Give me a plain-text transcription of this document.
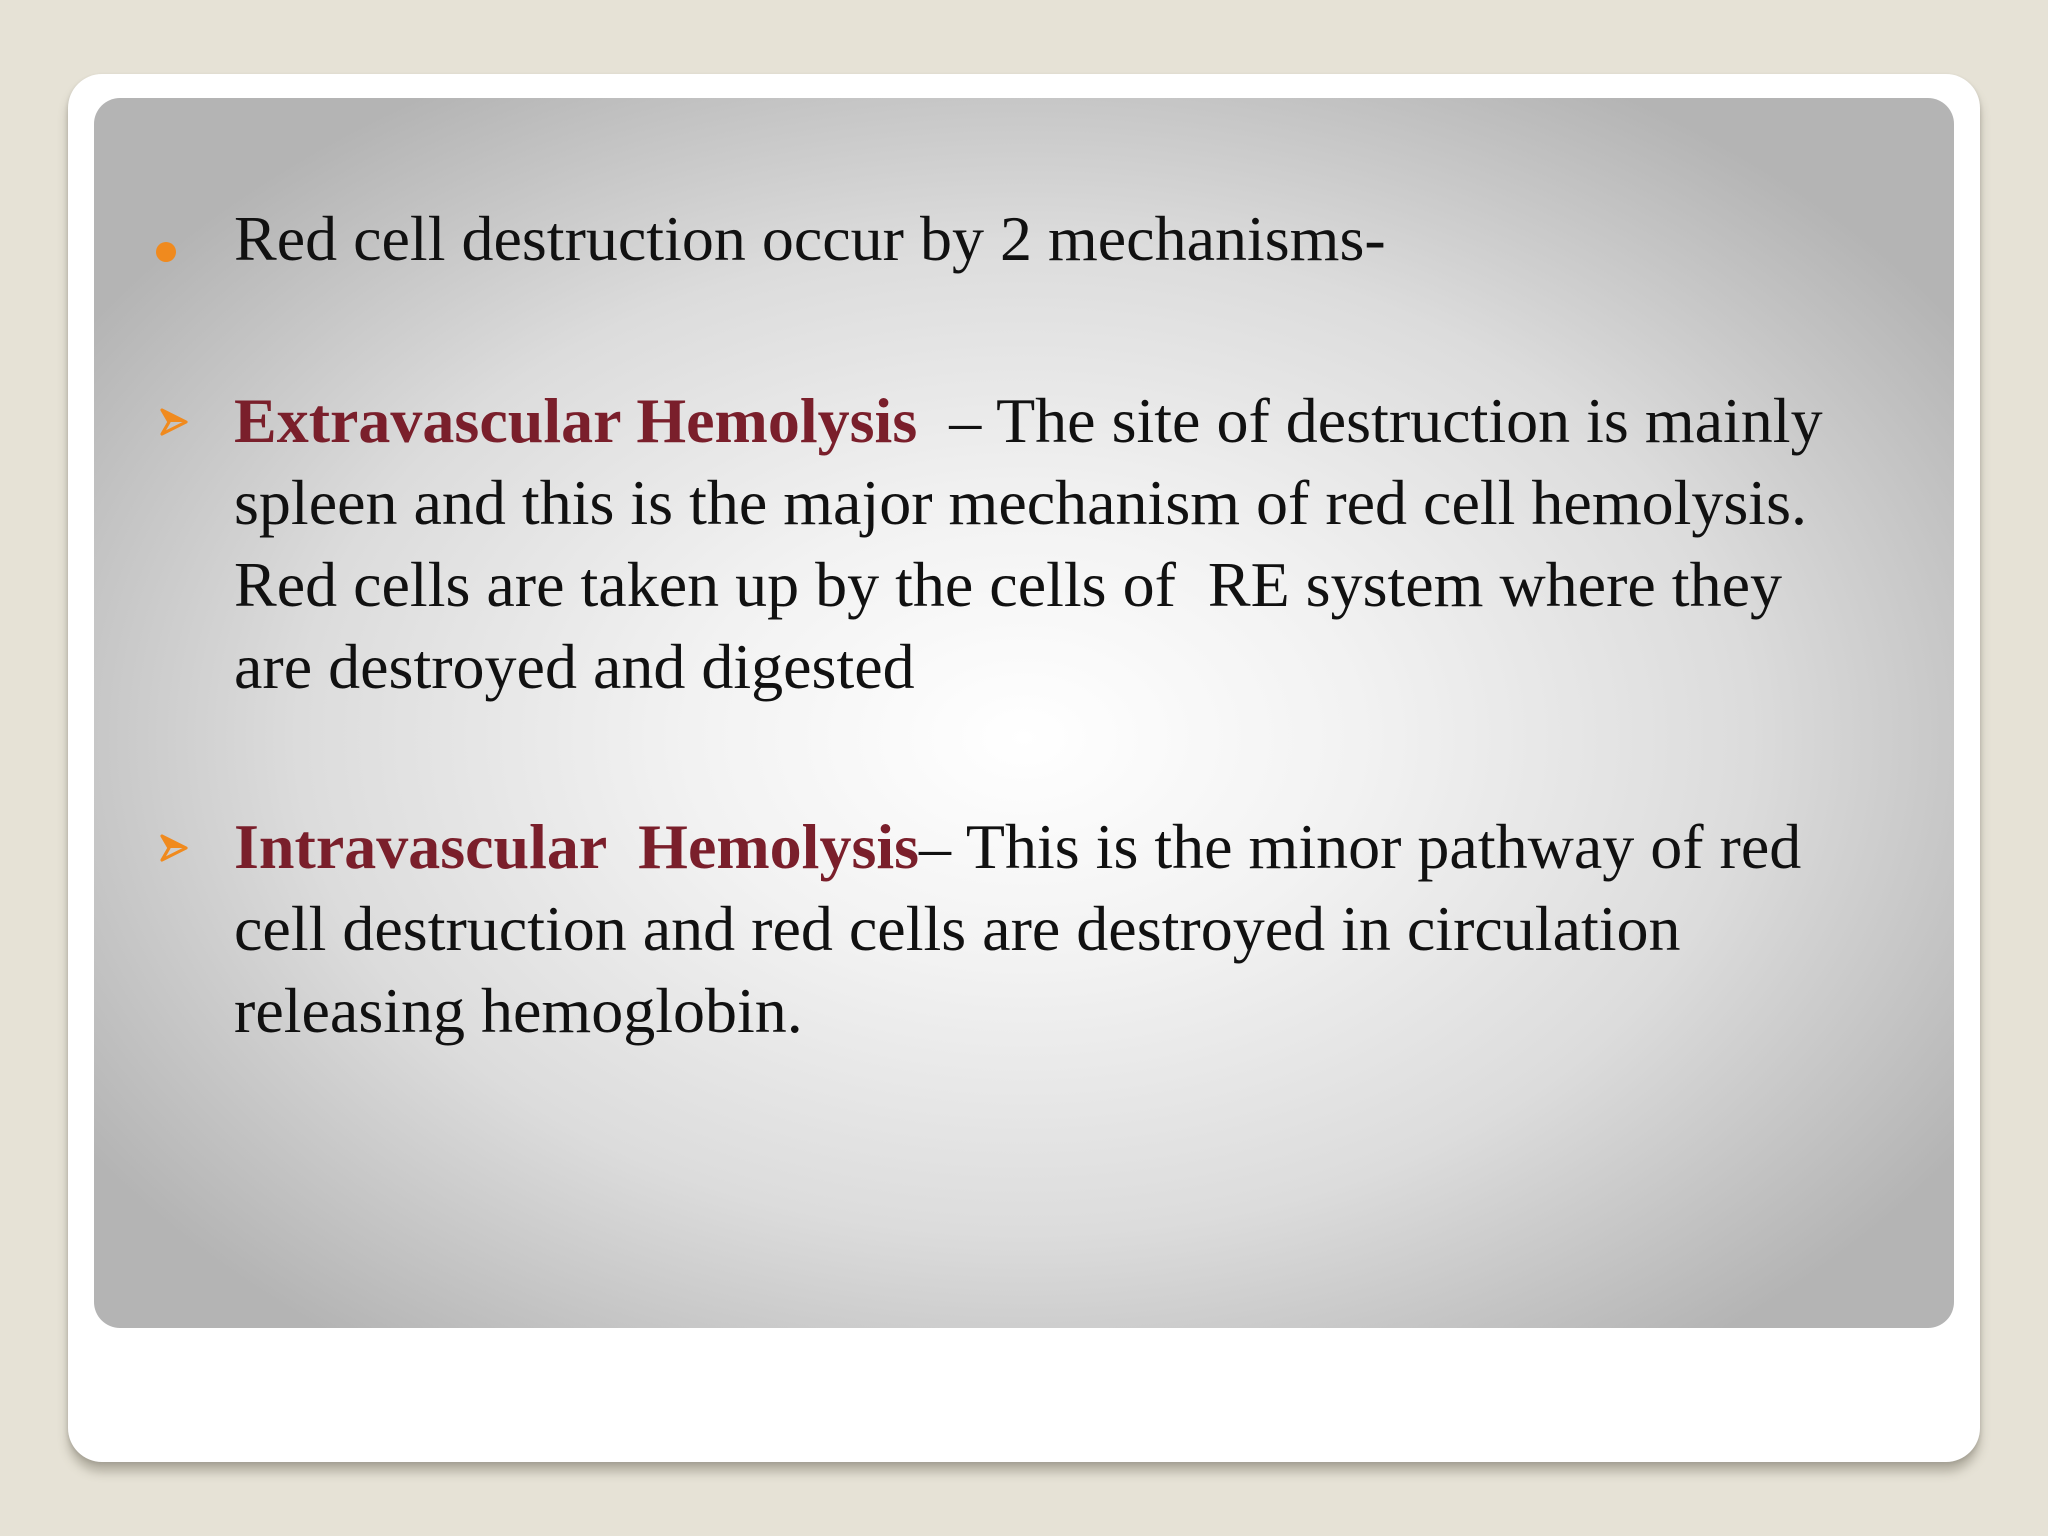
Red cell destruction occur by 2 mechanisms-
Extravascular Hemolysis  – The site of destruction is mainly
spleen and this is the major mechanism of red cell hemolysis.
Red cells are taken up by the cells of  RE system where they
are destroyed and digested
Intravascular  Hemolysis– This is the minor pathway of red
cell destruction and red cells are destroyed in circulation
releasing hemoglobin.
